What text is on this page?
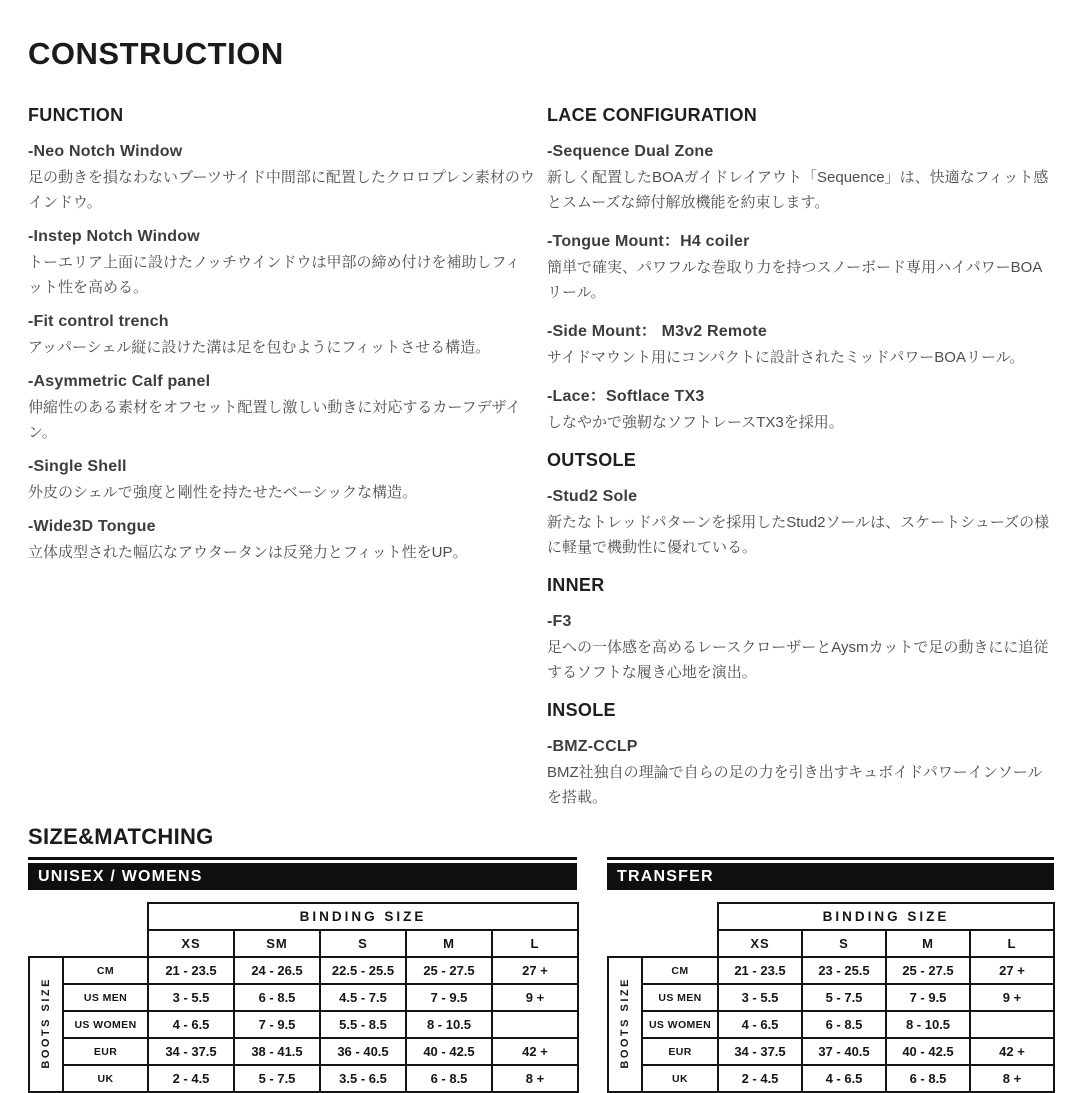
CONSTRUCTION
FUNCTION
-Neo Notch Window

足の動きを損なわないブーツサイド中間部に配置したクロロプレン素材のウインドウ。

-Instep Notch Window

トーエリア上面に設けたノッチウインドウは甲部の締め付けを補助しフィット性を高める。

-Fit control trench

アッパーシェル縦に設けた溝は足を包むようにフィットさせる構造。

-Asymmetric Calf panel

伸縮性のある素材をオフセット配置し激しい動きに対応するカーフデザイン。

-Single Shell

外皮のシェルで強度と剛性を持たせたベーシックな構造。

-Wide3D Tongue

立体成型された幅広なアウタータンは反発力とフィット性をUP。

LACE CONFIGURATION
-Sequence Dual Zone

新しく配置したBOAガイドレイアウト「Sequence」は、快適なフィット感とスムーズな締付解放機能を約束します。

-Tongue Mount：H4 coiler

簡単で確実、パワフルな巻取り力を持つスノーボード専用ハイパワーBOAリール。

-Side Mount： M3v2 Remote

サイドマウント用にコンパクトに設計されたミッドパワーBOAリール。

-Lace：Softlace TX3

しなやかで強靭なソフトレースTX3を採用。

OUTSOLE
-Stud2 Sole

新たなトレッドパターンを採用したStud2ソールは、スケートシューズの様に軽量で機動性に優れている。

INNER
-F3

足への一体感を高めるレースクローザーとAysmカットで足の動きにに追従するソフトな履き心地を演出。

INSOLE
-BMZ-CCLP

BMZ社独自の理論で自らの足の力を引き出すキュボイドパワーインソールを搭載。

SIZE&MATCHING
UNISEX / WOMENS
		BINDING SIZE				
		XS	SM	S	M	L
BOOTS SIZE	CM	21 - 23.5	24 - 26.5	22.5 - 25.5	25 - 27.5	27 +
	US MEN	3 - 5.5	6 - 8.5	4.5 - 7.5	7 - 9.5	9 +
	US WOMEN	4 - 6.5	7 - 9.5	5.5 - 8.5	8 - 10.5	
	EUR	34 - 37.5	38 - 41.5	36 - 40.5	40 - 42.5	42 +
	UK	2 - 4.5	5 - 7.5	3.5 - 6.5	6 - 8.5	8 +
TRANSFER
		BINDING SIZE			
		XS	S	M	L
BOOTS SIZE	CM	21 - 23.5	23 - 25.5	25 - 27.5	27 +
	US MEN	3 - 5.5	5 - 7.5	7 - 9.5	9 +
	US WOMEN	4 - 6.5	6 - 8.5	8 - 10.5	
	EUR	34 - 37.5	37 - 40.5	40 - 42.5	42 +
	UK	2 - 4.5	4 - 6.5	6 - 8.5	8 +
